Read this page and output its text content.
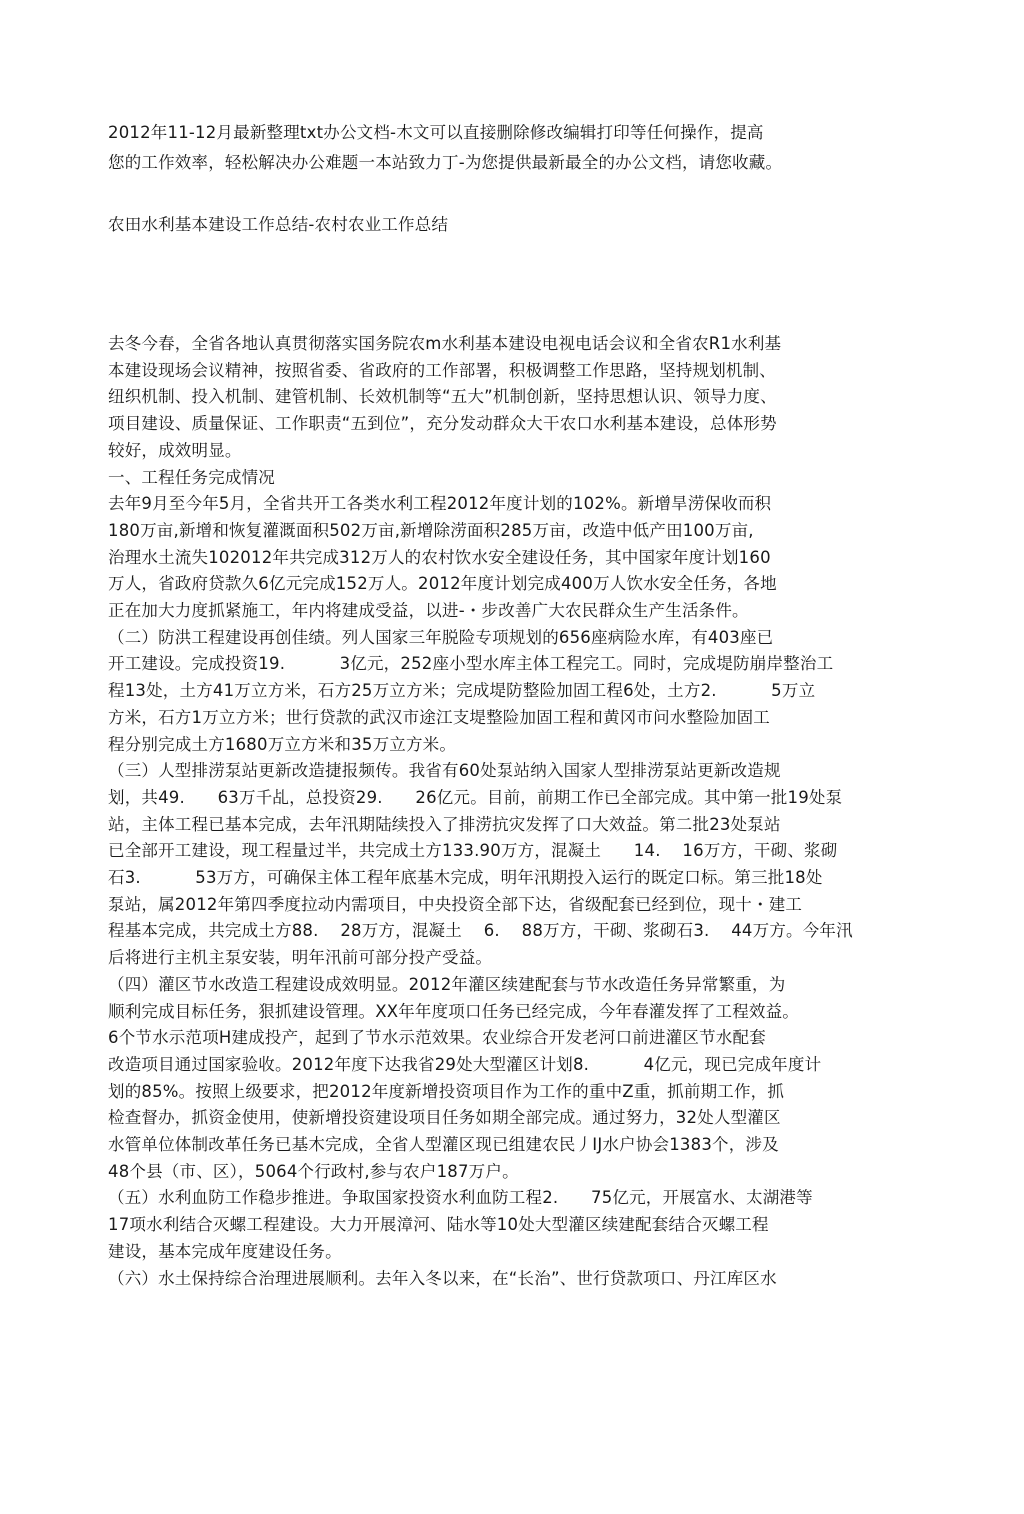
2012年11-12月最新整理txt办公文档-木文可以直接删除修改编辑打印等任何操作，提高
您的工作效率，轻松解决办公难题一本站致力丁-为您提供最新最全的办公文档，请您收藏。
农田水利基本建设工作总结-农村农业工作总结
去冬今春，全省各地认真贯彻落实国务院农m水利基本建设电视电话会议和全省农R1水利基
本建设现场会议精神，按照省委、省政府的工作部署，积极调整工作思路，坚持规划机制、
纽织机制、投入机制、建管机制、长效机制等“五大”机制创新，坚持思想认识、领导力度、
项目建设、质量保证、工作职责“五到位”，充分发动群众大干农口水利基本建设，总体形势
较好，成效明显。
一、工程任务完成情况
去年9月至今年5月，全省共开工各类水利工程2012年度计划的102%。新增旱涝保收而积
180万亩,新增和恢复灌溉面积502万亩,新增除涝面积285万亩，改造中低产田100万亩,
治理水土流失102012年共完成312万人的农村饮水安全建设任务，其中国家年度计划160
万人，省政府贷款久6亿元完成152万人。2012年度计划完成400万人饮水安全任务，各地
正在加大力度抓紧施工，年内将建成受益，以进-・步改善广大农民群众生产生活条件。
（二）防洪工程建设再创佳绩。列人国家三年脱险专项规划的656座病险水库，有403座已
开工建设。完成投资19.          3亿元，252座小型水库主体工程完工。同时，完成堤防崩岸整治工
程13处，土方41万立方米，石方25万立方米；完成堤防整险加固工程6处，土方2.          5万立
方米，石方1万立方米；世行贷款的武汉市途江支堤整险加固工程和黄冈市问水整险加固工
程分别完成土方1680万立方米和35万立方米。
（三）人型排涝泵站更新改造捷报频传。我省有60处泵站纳入国家人型排涝泵站更新改造规
划，共49.      63万千乩，总投资29.      26亿元。目前，前期工作已全部完成。其中第一批19处泵
站，主体工程已基本完成，去年汛期陆续投入了排涝抗灾发挥了口大效益。第二批23处泵站
已全部开工建设，现工程量过半，共完成土方133.90万方，混凝土      14.    16万方，干砌、浆砌
石3.          53万方，可确保主体工程年底基木完成，明年汛期投入运行的既定口标。第三批18处
泵站，属2012年第四季度拉动内需项目，中央投资全部下达，省级配套已经到位，现十・建工
程基本完成，共完成土方88.    28万方，混凝土    6.    88万方，干砌、浆砌石3.    44万方。今年汛
后将进行主机主泵安装，明年汛前可部分投产受益。
（四）灌区节水改造工程建设成效明显。2012年灌区续建配套与节水改造任务异常繁重，为
顺利完成目标任务，狠抓建设管理。XX年年度项口任务已经完成，今年春灌发挥了工程效益。
6个节水示范项H建成投产，起到了节水示范效果。农业综合开发老河口前进灌区节水配套
改造项目通过国家验收。2012年度下达我省29处大型灌区计划8.          4亿元，现已完成年度计
划的85%。按照上级要求，把2012年度新增投资项目作为工作的重中Z重，抓前期工作，抓
检查督办，抓资金使用，使新增投资建设项目任务如期全部完成。通过努力，32处人型灌区
水管单位体制改革任务已基木完成，全省人型灌区现已组建农民丿IJ水户协会1383个，涉及
48个县（市、区），5064个行政村,参与农户187万户。
（五）水利血防工作稳步推进。争取国家投资水利血防工程2.      75亿元，开展富水、太湖港等
17项水利结合灭螺工程建设。大力开展漳河、陆水等10处大型灌区续建配套结合灭螺工程
建设，基本完成年度建设任务。
（六）水土保持综合治理进展顺利。去年入冬以来，在“长治”、世行贷款项口、丹江库区水
